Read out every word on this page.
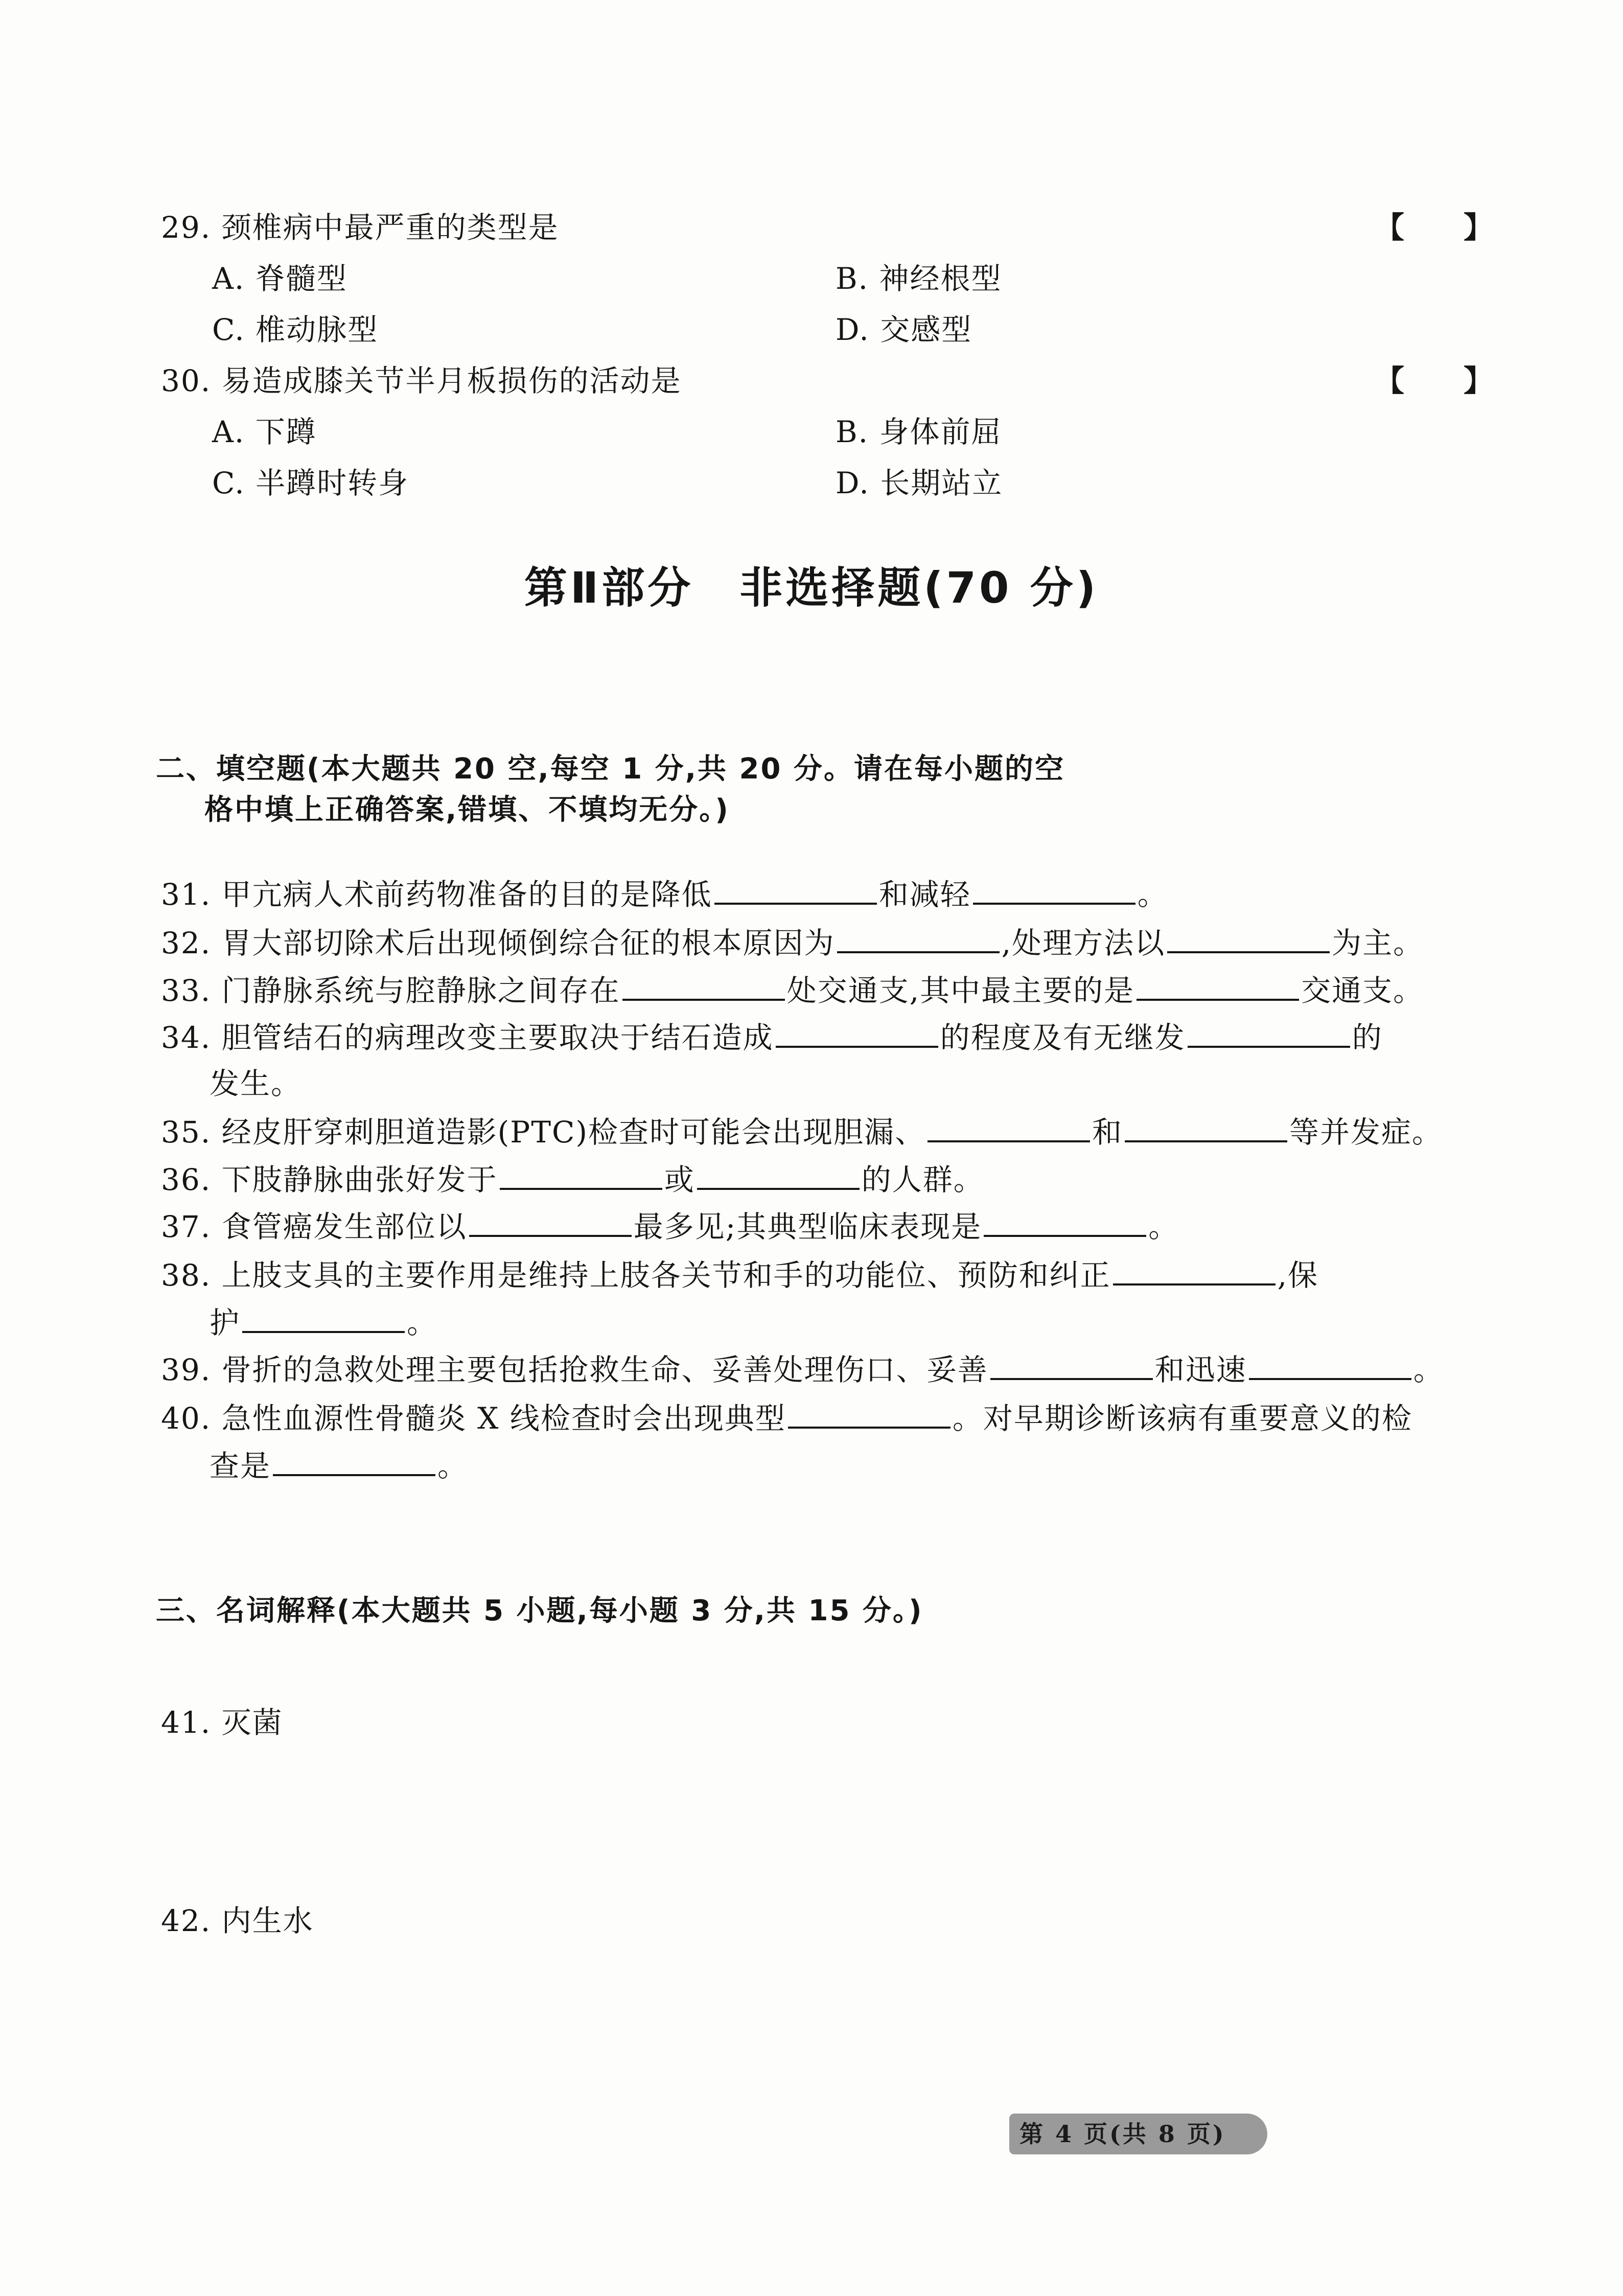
29. 颈椎病中最严重的类型是	【　　】
A. 脊髓型	B. 神经根型
C. 椎动脉型	D. 交感型
30. 易造成膝关节半月板损伤的活动是	【　　】
A. 下蹲	B. 身体前屈
C. 半蹲时转身	D. 长期站立
第Ⅱ部分 非选择题(70 分)
二、填空题(本大题共 20 空,每空 1 分,共 20 分。请在每小题的空
格中填上正确答案,错填、不填均无分。)
31. 甲亢病人术前药物准备的目的是降低	和减轻	。
32. 胃大部切除术后出现倾倒综合征的根本原因为	,处理方法以	为主。
33. 门静脉系统与腔静脉之间存在	处交通支,其中最主要的是	交通支。
34. 胆管结石的病理改变主要取决于结石造成	的程度及有无继发	的
发生。
35. 经皮肝穿刺胆道造影(PTC)检查时可能会出现胆漏、	和	等并发症。
36. 下肢静脉曲张好发于	或	的人群。
37. 食管癌发生部位以	最多见;其典型临床表现是	。
38. 上肢支具的主要作用是维持上肢各关节和手的功能位、预防和纠正	,保
护	。
39. 骨折的急救处理主要包括抢救生命、妥善处理伤口、妥善	和迅速	。
40. 急性血源性骨髓炎 X 线检查时会出现典型	。对早期诊断该病有重要意义的检
查是	。
三、名词解释(本大题共 5 小题,每小题 3 分,共 15 分。)
41. 灭菌
42. 内生水
第 4 页(共 8 页)
